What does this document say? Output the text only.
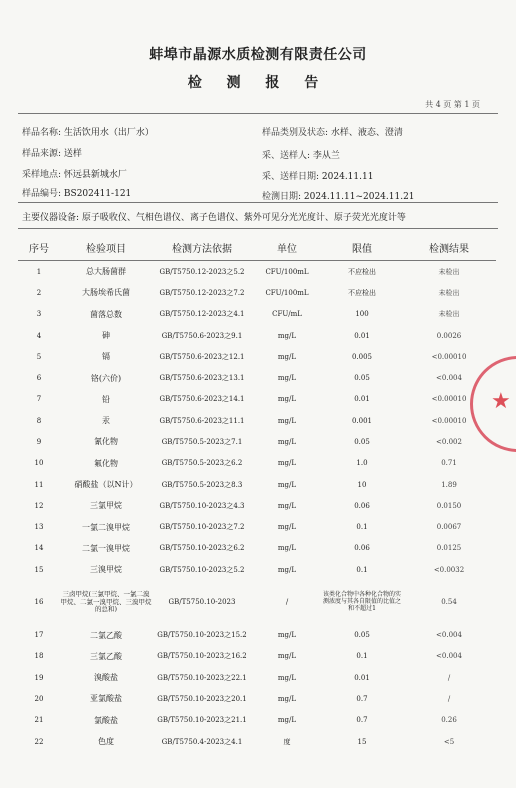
蚌埠市晶源水质检测有限责任公司
检 测 报 告
共 4 页 第 1 页
样品名称: 生活饮用水（出厂水）	样品类别及状态: 水样、液态、澄清
样品来源: 送样	采、送样人: 李从兰
采样地点: 怀远县新城水厂	采、送样日期: 2024.11.11
样品编号: BS202411-121	检测日期: 2024.11.11~2024.11.21
主要仪器设备: 原子吸收仪、气相色谱仪、离子色谱仪、紫外可见分光光度计、原子荧光光度计等
序号	检验项目	检测方法依据	单位	限值	检测结果
1	总大肠菌群	GB/T5750.12-2023之5.2	CFU/100mL	不应检出	未检出
2	大肠埃希氏菌	GB/T5750.12-2023之7.2	CFU/100mL	不应检出	未检出
3	菌落总数	GB/T5750.12-2023之4.1	CFU/mL	100	未检出
4	砷	GB/T5750.6-2023之9.1	mg/L	0.01	0.0026
5	镉	GB/T5750.6-2023之12.1	mg/L	0.005	<0.00010
6	铬(六价)	GB/T5750.6-2023之13.1	mg/L	0.05	<0.004
7	铅	GB/T5750.6-2023之14.1	mg/L	0.01	<0.00010
8	汞	GB/T5750.6-2023之11.1	mg/L	0.001	<0.00010
9	氰化物	GB/T5750.5-2023之7.1	mg/L	0.05	<0.002
10	氟化物	GB/T5750.5-2023之6.2	mg/L	1.0	0.71
11	硝酸盐（以N计）	GB/T5750.5-2023之8.3	mg/L	10	1.89
12	三氯甲烷	GB/T5750.10-2023之4.3	mg/L	0.06	0.0150
13	一氯二溴甲烷	GB/T5750.10-2023之7.2	mg/L	0.1	0.0067
14	二氯一溴甲烷	GB/T5750.10-2023之6.2	mg/L	0.06	0.0125
15	三溴甲烷	GB/T5750.10-2023之5.2	mg/L	0.1	<0.0032
16	三卤甲烷(三氯甲烷、一氯二溴甲烷、二氯一溴甲烷、三溴甲烷的总和)	GB/T5750.10-2023	/	该类化合物中各种化合物的实测浓度与其各自限值的比值之和不超过1	0.54
17	二氯乙酸	GB/T5750.10-2023之15.2	mg/L	0.05	<0.004
18	三氯乙酸	GB/T5750.10-2023之16.2	mg/L	0.1	<0.004
19	溴酸盐	GB/T5750.10-2023之22.1	mg/L	0.01	/
20	亚氯酸盐	GB/T5750.10-2023之20.1	mg/L	0.7	/
21	氯酸盐	GB/T5750.10-2023之21.1	mg/L	0.7	0.26
22	色度	GB/T5750.4-2023之4.1	度	15	<5
★
